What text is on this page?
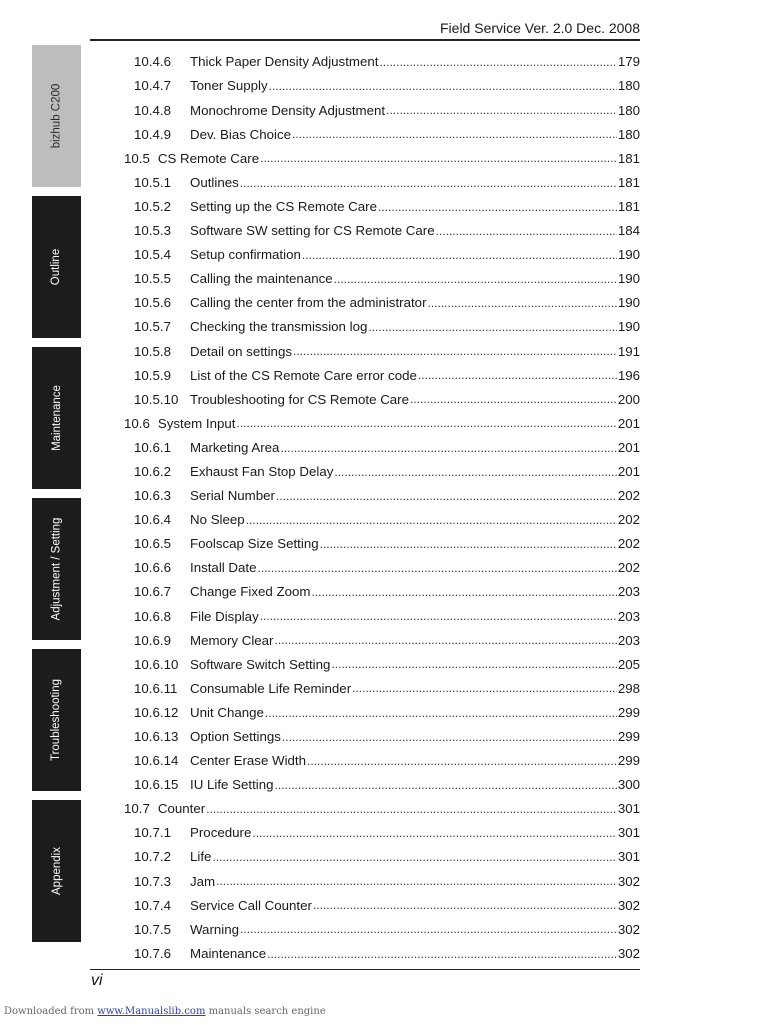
Field Service Ver. 2.0 Dec. 2008
bizhub C200
Outline
Maintenance
Adjustment / Setting
Troubleshooting
Appendix
10.4.6	Thick Paper Density Adjustment .....	179
10.4.7	Toner Supply .....	180
10.4.8	Monochrome Density Adjustment .....	180
10.4.9	Dev. Bias Choice .....	180
10.5 CS Remote Care .....	181
10.5.1	Outlines .....	181
10.5.2	Setting up the CS Remote Care .....	181
10.5.3	Software SW setting for CS Remote Care .....	184
10.5.4	Setup confirmation .....	190
10.5.5	Calling the maintenance .....	190
10.5.6	Calling the center from the administrator .....	190
10.5.7	Checking the transmission log .....	190
10.5.8	Detail on settings .....	191
10.5.9	List of the CS Remote Care error code .....	196
10.5.10 Troubleshooting for CS Remote Care .....	200
10.6 System Input .....	201
10.6.1	Marketing Area .....	201
10.6.2	Exhaust Fan Stop Delay .....	201
10.6.3	Serial Number .....	202
10.6.4	No Sleep .....	202
10.6.5	Foolscap Size Setting .....	202
10.6.6	Install Date .....	202
10.6.7	Change Fixed Zoom .....	203
10.6.8	File Display .....	203
10.6.9	Memory Clear .....	203
10.6.10 Software Switch Setting .....	205
10.6.11 Consumable Life Reminder .....	298
10.6.12 Unit Change .....	299
10.6.13 Option Settings .....	299
10.6.14 Center Erase Width .....	299
10.6.15 IU Life Setting .....	300
10.7 Counter .....	301
10.7.1	Procedure .....	301
10.7.2	Life .....	301
10.7.3	Jam .....	302
10.7.4	Service Call Counter .....	302
10.7.5	Warning .....	302
10.7.6	Maintenance .....	302
vi
Downloaded from www.Manualslib.com manuals search engine
